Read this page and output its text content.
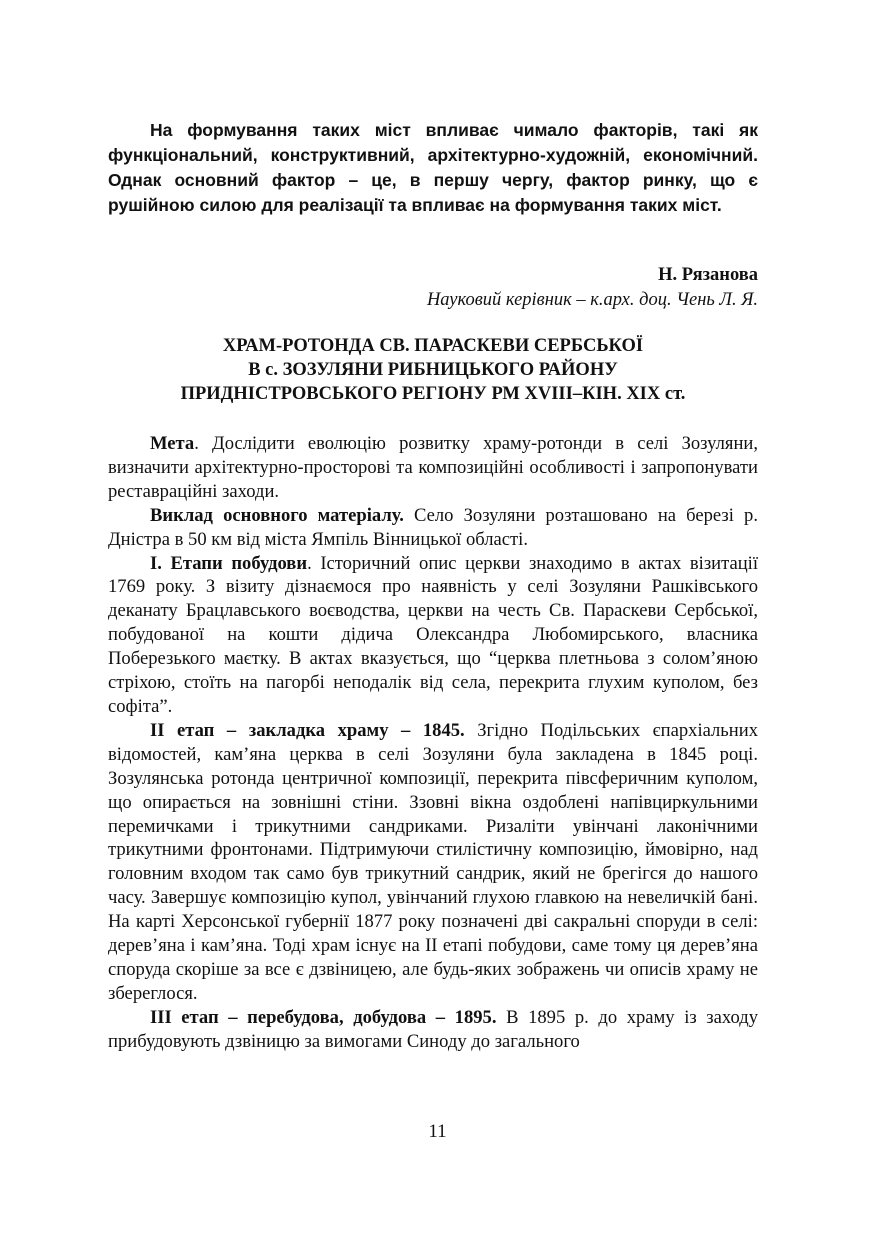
На формування таких міст впливає чимало факторів, такі як функціональний, конструктивний, архітектурно-художній, економічний. Однак основний фактор – це, в першу чергу, фактор ринку, що є рушійною силою для реалізації та впливає на формування таких міст.

Н. Рязанова
Науковий керівник – к.арх. доц. Чень Л. Я.
ХРАМ-РОТОНДА СВ. ПАРАСКЕВИ СЕРБСЬКОЇ
В с. ЗОЗУЛЯНИ РИБНИЦЬКОГО РАЙОНУ
ПРИДНІСТРОВСЬКОГО РЕГІОНУ РМ XVIII–КІН. XIX ст.

Мета. Дослідити еволюцію розвитку храму-ротонди в селі Зозуляни, визначити архітектурно-просторові та композиційні особливості і запропонувати реставраційні заходи.

Виклад основного матеріалу. Село Зозуляни розташовано на березі р. Дністра в 50 км від міста Ямпіль Вінницької області.

I. Етапи побудови. Історичний опис церкви знаходимо в актах візитації 1769 року. З візиту дізнаємося про наявність у селі Зозуляни Рашківського деканату Брацлавського воєводства, церкви на честь Св. Параскеви Сербської, побудованої на кошти дідича Олександра Любомирського, власника Поберезького маєтку. В актах вказується, що “церква плетньова з солом’яною стріхою, стоїть на пагорбі неподалік від села, перекрита глухим куполом, без софіта”.

II етап – закладка храму – 1845. Згідно Подільських єпархіальних відомостей, кам’яна церква в селі Зозуляни була закладена в 1845 році. Зозулянська ротонда центричної композиції, перекрита півсферичним куполом, що опирається на зовнішні стіни. Ззовні вікна оздоблені напівциркульними перемичками і трикутними сандриками. Ризаліти увінчані лаконічними трикутними фронтонами. Підтримуючи стилістичну композицію, ймовірно, над головним входом так само був трикутний сандрик, який не брегігся до нашого часу. Завершує композицію купол, увінчаний глухою главкою на невеличкій бані. На карті Херсонської губернії 1877 року позначені дві сакральні споруди в селі: дерев’яна і кам’яна. Тоді храм існує на II етапі побудови, саме тому ця дерев’яна споруда скоріше за все є дзвіницею, але будь-яких зображень чи описів храму не збереглося.

III етап – перебудова, добудова – 1895. В 1895 р. до храму із заходу прибудовують дзвіницю за вимогами Синоду до загального

11
